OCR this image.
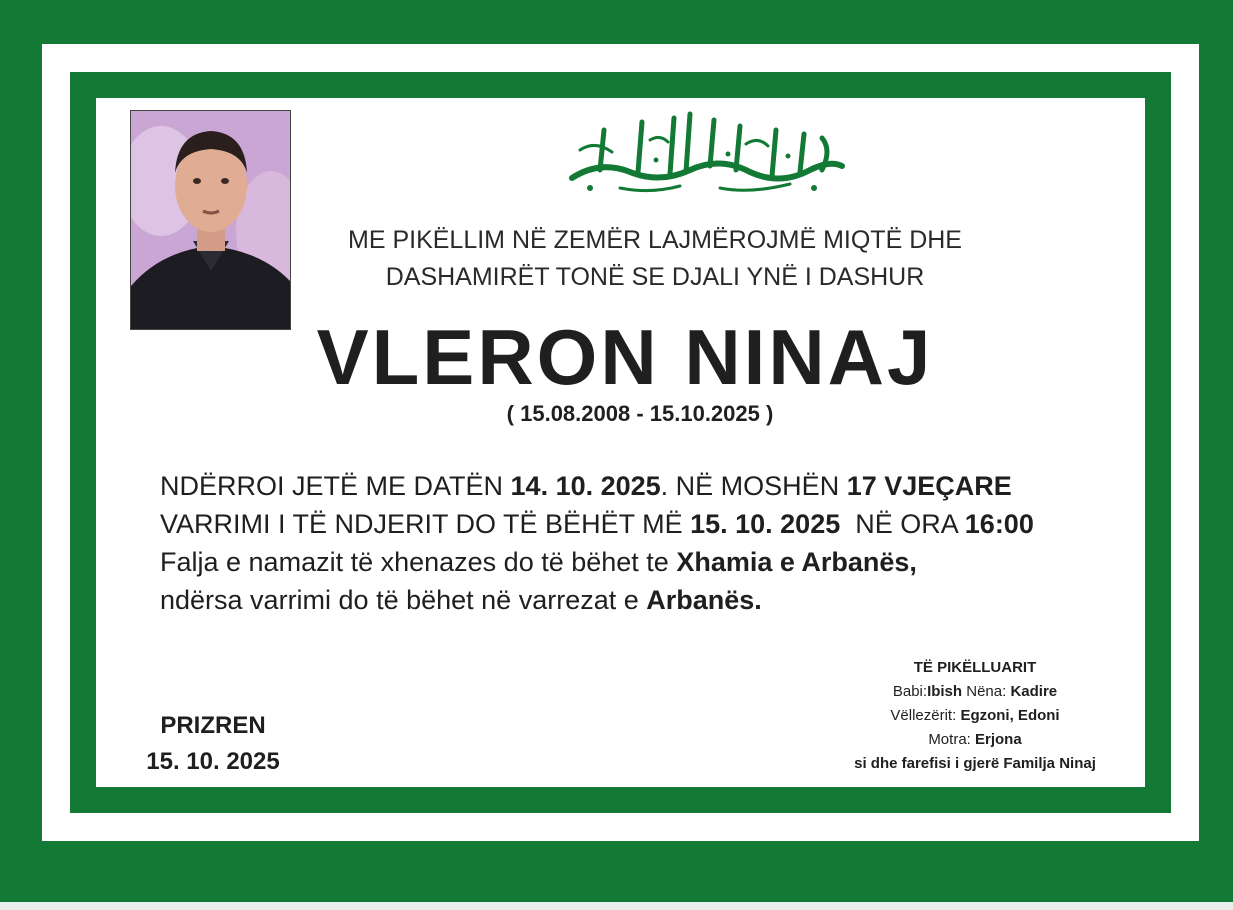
ME PIKËLLIM NË ZEMËR LAJMËROJMË MIQTË DHE
DASHAMIRËT TONË SE DJALI YNË I DASHUR
VLERON NINAJ
( 15.08.2008 - 15.10.2025 )
NDËRROI JETË ME DATËN 14. 10. 2025. NË MOSHËN 17 VJEÇARE
VARRIMI I TË NDJERIT DO TË BËHËT MË 15. 10. 2025  NË ORA 16:00
Falja e namazit të xhenazes do të bëhet te Xhamia e Arbanës,
ndërsa varrimi do të bëhet në varrezat e Arbanës.
PRIZREN
15. 10. 2025
TË PIKËLLUARIT
Babi:Ibish Nëna: Kadire
Vëllezërit: Egzoni, Edoni
Motra: Erjona
si dhe farefisi i gjerë Familja Ninaj
